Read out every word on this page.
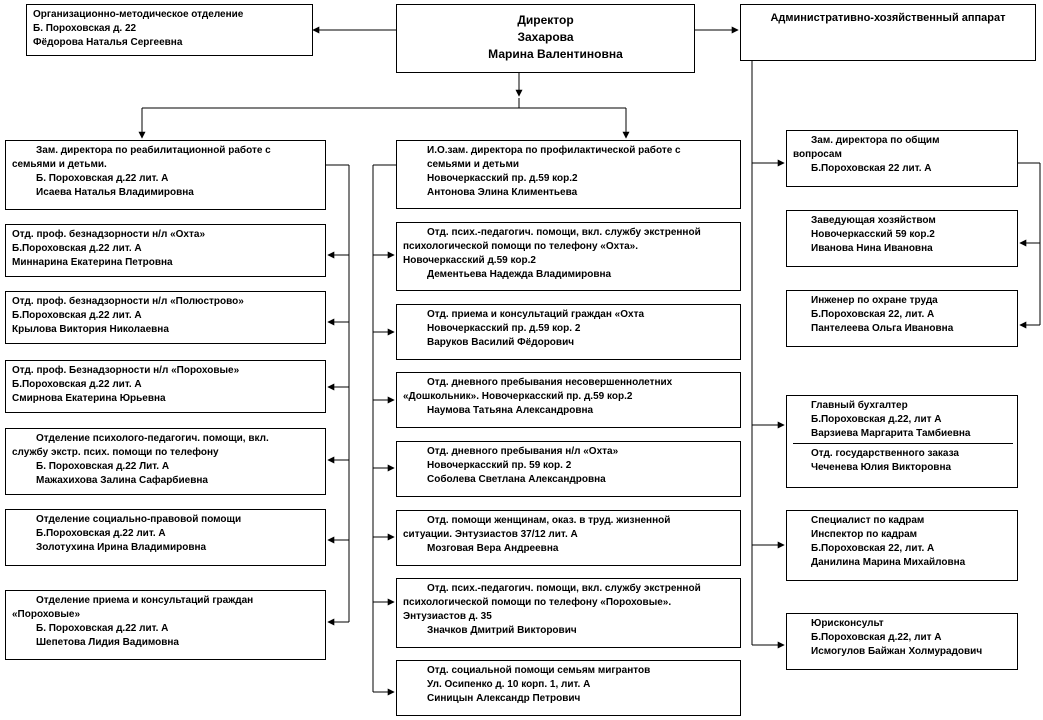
Организационно-методическое отделение
Б. Пороховская д. 22
Фёдорова Наталья Сергеевна
Директор
Захарова
Марина Валентиновна
Административно-хозяйственный аппарат
Зам. директора по реабилитационной работе с
семьями и детьми.
Б. Пороховская д.22 лит. А
Исаева Наталья Владимировна
Отд. проф. безнадзорности н/л «Охта»
Б.Пороховская д.22 лит. А
Миннарина Екатерина Петровна
Отд. проф. безнадзорности н/л «Полюстрово»
Б.Пороховская д.22 лит. А
Крылова Виктория Николаевна
Отд. проф. Безнадзорности н/л «Пороховые»
Б.Пороховская д.22 лит. А
Смирнова Екатерина Юрьевна
Отделение психолого-педагогич. помощи, вкл.
службу экстр. псих. помощи по телефону
Б. Пороховская д.22 Лит. А
Мажахихова Залина Сафарбиевна
Отделение социально-правовой помощи
Б.Пороховская д.22 лит. А
Золотухина Ирина Владимировна
Отделение приема и консультаций граждан
«Пороховые»
Б. Пороховская д.22 лит. А
Шепетова Лидия Вадимовна
И.О.зам. директора по профилактической работе с
семьями и детьми
Новочеркасский пр. д.59 кор.2
Антонова Элина Климентьева
Отд. псих.-педагогич. помощи, вкл. службу экстренной
психологической помощи по телефону «Охта».
Новочеркасский д.59 кор.2
Дементьева Надежда Владимировна
Отд. приема и консультаций граждан «Охта
Новочеркасский пр. д.59 кор. 2
Варуков Василий Фёдорович
Отд. дневного пребывания несовершеннолетних
«Дошкольник». Новочеркасский пр. д.59 кор.2
Наумова Татьяна Александровна
Отд. дневного пребывания н/л «Охта»
Новочеркасский пр. 59 кор. 2
Соболева Светлана Александровна
Отд. помощи женщинам, оказ. в труд. жизненной
ситуации. Энтузиастов 37/12 лит. А
Мозговая Вера Андреевна
Отд. псих.-педагогич. помощи, вкл. службу экстренной
психологической помощи по телефону «Пороховые».
Энтузиастов д. 35
Значков Дмитрий Викторович
Отд. социальной помощи семьям мигрантов
Ул. Осипенко д. 10 корп. 1, лит. А
Синицын Александр Петрович
Зам. директора по общим
вопросам
Б.Пороховская 22 лит. А
Заведующая хозяйством
Новочеркасский 59 кор.2
Иванова Нина Ивановна
Инженер по охране труда
Б.Пороховская 22, лит. А
Пантелеева Ольга Ивановна
Главный бухгалтер
Б.Пороховская д.22, лит А
Варзиева Маргарита Тамбиевна
Отд. государственного заказа
Чеченева Юлия Викторовна
Специалист по кадрам
Инспектор по кадрам
Б.Пороховская 22, лит. А
Данилина Марина Михайловна
Юрисконсульт
Б.Пороховская д.22, лит А
Исмогулов Байжан Холмурадович
